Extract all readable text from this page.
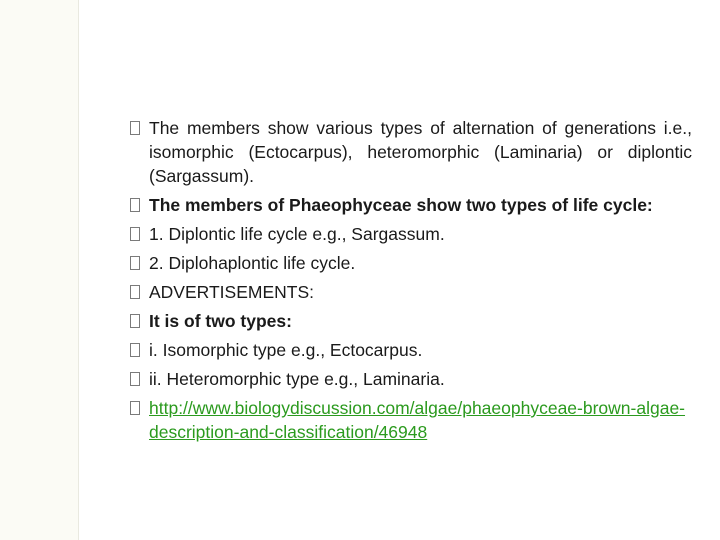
The members show various types of alternation of generations i.e., isomorphic (Ectocarpus), heteromorphic (Laminaria) or diplontic (Sargassum).
The members of Phaeophyceae show two types of life cycle:
1. Diplontic life cycle e.g., Sargassum.
2. Diplohaplontic life cycle.
ADVERTISEMENTS:
It is of two types:
i. Isomorphic type e.g., Ectocarpus.
ii. Heteromorphic type e.g., Laminaria.
http://www.biologydiscussion.com/algae/phaeophyceae-brown-algae-description-and-classification/46948
